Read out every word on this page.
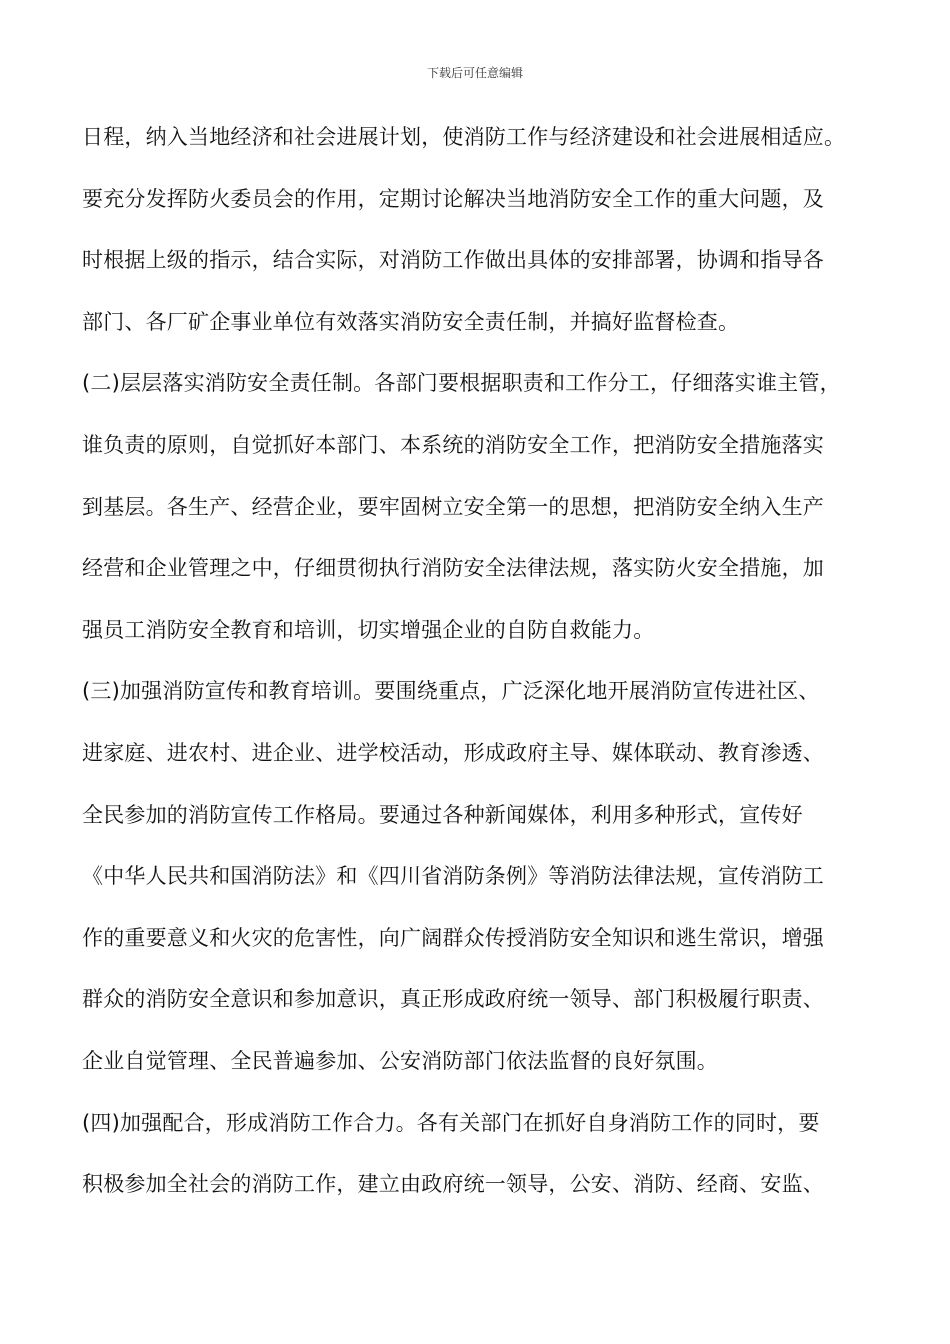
下载后可任意编辑
日程，纳入当地经济和社会进展计划，使消防工作与经济建设和社会进展相适应。
要充分发挥防火委员会的作用，定期讨论解决当地消防安全工作的重大问题，及
时根据上级的指示，结合实际，对消防工作做出具体的安排部署，协调和指导各
部门、各厂矿企事业单位有效落实消防安全责任制，并搞好监督检查。
(二)层层落实消防安全责任制。各部门要根据职责和工作分工，仔细落实谁主管，
谁负责的原则，自觉抓好本部门、本系统的消防安全工作，把消防安全措施落实
到基层。各生产、经营企业，要牢固树立安全第一的思想，把消防安全纳入生产
经营和企业管理之中，仔细贯彻执行消防安全法律法规，落实防火安全措施，加
强员工消防安全教育和培训，切实增强企业的自防自救能力。
(三)加强消防宣传和教育培训。要围绕重点，广泛深化地开展消防宣传进社区、
进家庭、进农村、进企业、进学校活动，形成政府主导、媒体联动、教育渗透、
全民参加的消防宣传工作格局。要通过各种新闻媒体，利用多种形式，宣传好
《中华人民共和国消防法》和《四川省消防条例》等消防法律法规，宣传消防工
作的重要意义和火灾的危害性，向广阔群众传授消防安全知识和逃生常识，增强
群众的消防安全意识和参加意识，真正形成政府统一领导、部门积极履行职责、
企业自觉管理、全民普遍参加、公安消防部门依法监督的良好氛围。
(四)加强配合，形成消防工作合力。各有关部门在抓好自身消防工作的同时，要
积极参加全社会的消防工作，建立由政府统一领导，公安、消防、经商、安监、
